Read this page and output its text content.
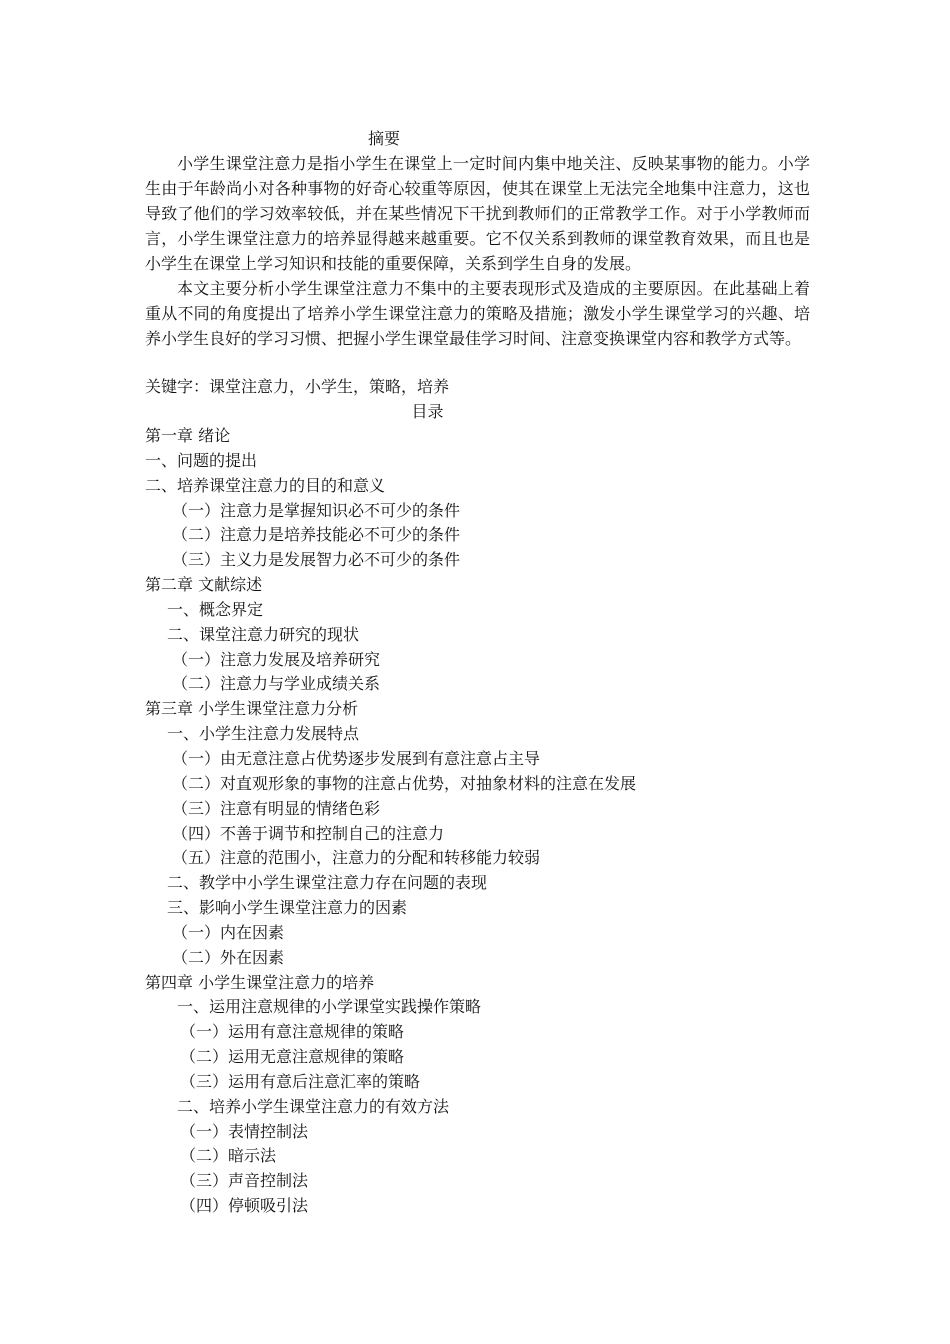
摘要

小学生课堂注意力是指小学生在课堂上一定时间内集中地关注、反映某事物的能力。小学生由于年龄尚小对各种事物的好奇心较重等原因，使其在课堂上无法完全地集中注意力，这也导致了他们的学习效率较低，并在某些情况下干扰到教师们的正常教学工作。对于小学教师而言，小学生课堂注意力的培养显得越来越重要。它不仅关系到教师的课堂教育效果，而且也是小学生在课堂上学习知识和技能的重要保障，关系到学生自身的发展。

本文主要分析小学生课堂注意力不集中的主要表现形式及造成的主要原因。在此基础上着重从不同的角度提出了培养小学生课堂注意力的策略及措施；激发小学生课堂学习的兴趣、培养小学生良好的学习习惯、把握小学生课堂最佳学习时间、注意变换课堂内容和教学方式等。

关键字：课堂注意力，小学生，策略，培养
目录
第一章 绪论
一、问题的提出
二、培养课堂注意力的目的和意义
（一）注意力是掌握知识必不可少的条件
（二）注意力是培养技能必不可少的条件
（三）主义力是发展智力必不可少的条件
第二章 文献综述
一、概念界定
二、课堂注意力研究的现状
（一）注意力发展及培养研究
（二）注意力与学业成绩关系
第三章 小学生课堂注意力分析
一、小学生注意力发展特点
（一）由无意注意占优势逐步发展到有意注意占主导
（二）对直观形象的事物的注意占优势，对抽象材料的注意在发展
（三）注意有明显的情绪色彩
（四）不善于调节和控制自己的注意力
（五）注意的范围小，注意力的分配和转移能力较弱
二、教学中小学生课堂注意力存在问题的表现
三、影响小学生课堂注意力的因素
（一）内在因素
（二）外在因素
第四章 小学生课堂注意力的培养
一、运用注意规律的小学课堂实践操作策略
（一）运用有意注意规律的策略
（二）运用无意注意规律的策略
（三）运用有意后注意汇率的策略
二、培养小学生课堂注意力的有效方法
（一）表情控制法
（二）暗示法
（三）声音控制法
（四）停顿吸引法
